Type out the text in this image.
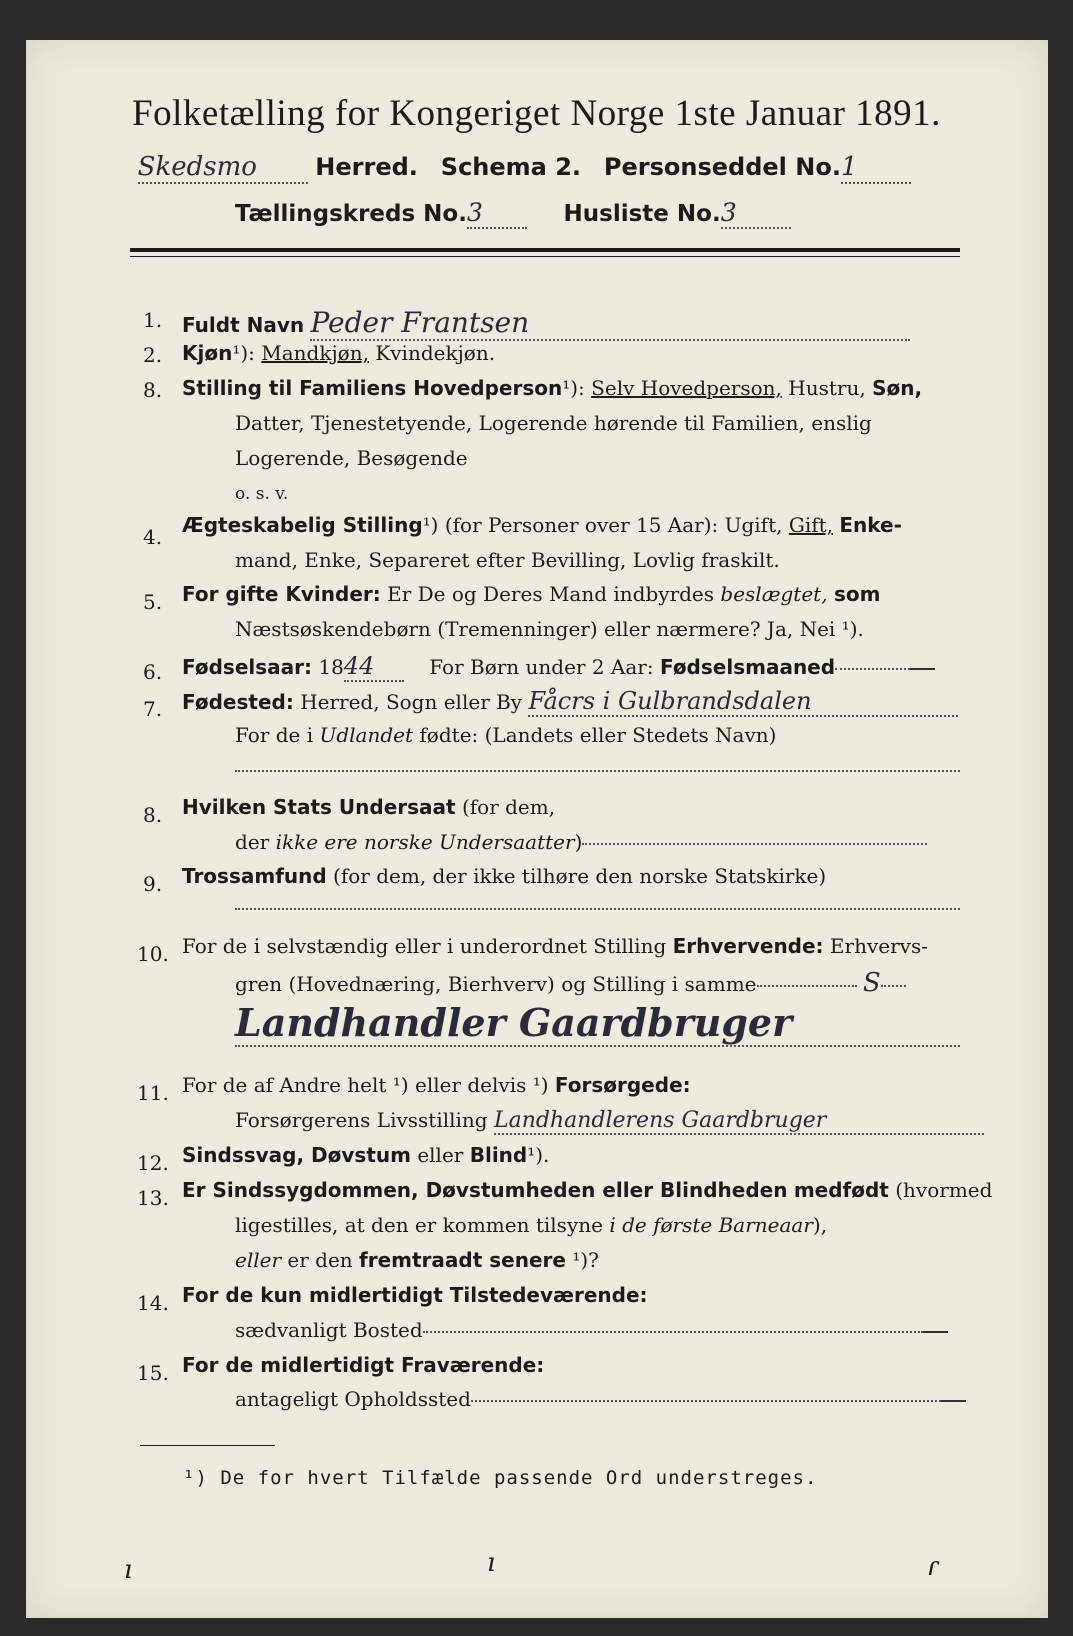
Folketælling for Kongeriget Norge 1ste Januar 1891.
Skedsmo Herred. Schema 2. Personseddel No.1
Tællingskreds No.3	Husliste No.3
1. Fuldt Navn Peder Frantsen
2. Kjøn¹): Mandkjøn, Kvindekjøn.
8. Stilling til Familiens Hovedperson¹): Selv Hovedperson, Hustru, Søn,
Datter, Tjenestetyende, Logerende hørende til Familien, enslig
Logerende, Besøgende
o. s. v.
4. Ægteskabelig Stilling¹) (for Personer over 15 Aar): Ugift, Gift, Enke-
mand, Enke, Separeret efter Bevilling, Lovlig fraskilt.
5. For gifte Kvinder: Er De og Deres Mand indbyrdes beslægtet, som
Næstsøskendebørn (Tremenninger) eller nærmere? Ja, Nei ¹).
6. Fødselsaar: 1844	For Børn under 2 Aar: Fødselsmaaned
7. Fødested: Herred, Sogn eller By Fåcrs i Gulbrandsdalen
For de i Udlandet fødte: (Landets eller Stedets Navn)
8. Hvilken Stats Undersaat (for dem,
der ikke ere norske Undersaatter)
9. Trossamfund (for dem, der ikke tilhøre den norske Statskirke)
10. For de i selvstændig eller i underordnet Stilling Erhvervende: Erhvervs-
gren (Hovednæring, Bierhverv) og Stilling i samme	S
Landhandler Gaardbruger
11. For de af Andre helt ¹) eller delvis ¹) Forsørgede:
Forsørgerens Livsstilling Landhandlerens Gaardbruger
12. Sindssvag, Døvstum eller Blind¹).
13. Er Sindssygdommen, Døvstumheden eller Blindheden medfødt (hvormed
ligestilles, at den er kommen tilsyne i de første Barneaar),
eller er den fremtraadt senere ¹)?
14. For de kun midlertidigt Tilstedeværende:
sædvanligt Bosted
15. For de midlertidigt Fraværende:
antageligt Opholdssted
¹) De for hvert Tilfælde passende Ord understreges.
ı	ı	ɾ
